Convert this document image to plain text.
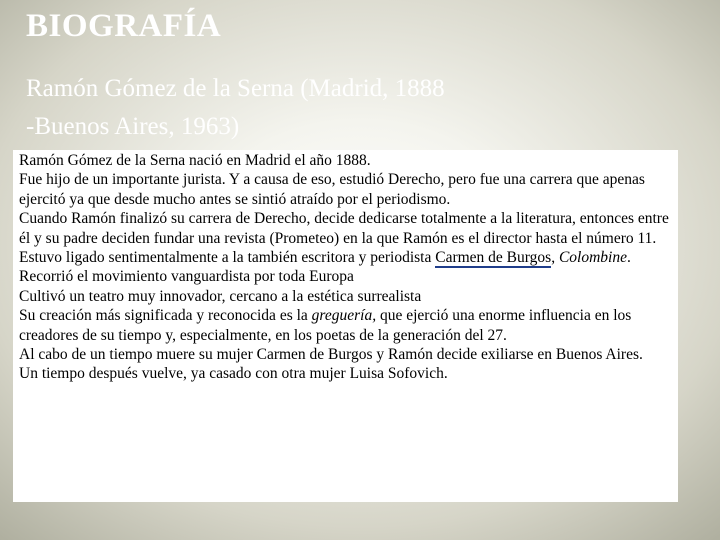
BIOGRAFÍA
Ramón Gómez de la Serna (Madrid, 1888
-Buenos Aires, 1963)

Ramón Gómez de la Serna nació en Madrid el año 1888.

Fue hijo de un importante jurista. Y a causa de eso, estudió Derecho, pero fue una carrera que apenas ejercitó ya que desde mucho antes se sintió atraído por el periodismo.

Cuando Ramón finalizó su carrera de Derecho, decide dedicarse totalmente a la literatura, entonces entre él y su padre deciden fundar una revista (Prometeo) en la que Ramón es el director hasta el número 11.

Estuvo ligado sentimentalmente a la también escritora y periodista Carmen de Burgos, Colombine.

Recorrió el movimiento vanguardista por toda Europa

Cultivó un teatro muy innovador, cercano a la estética surrealista

Su creación más significada y reconocida es la greguería, que ejerció una enorme influencia en los creadores de su tiempo y, especialmente, en los poetas de la generación del 27.

Al cabo de un tiempo muere su mujer Carmen de Burgos y Ramón decide exiliarse en Buenos Aires.

Un tiempo después vuelve, ya casado con otra mujer Luisa Sofovich.
